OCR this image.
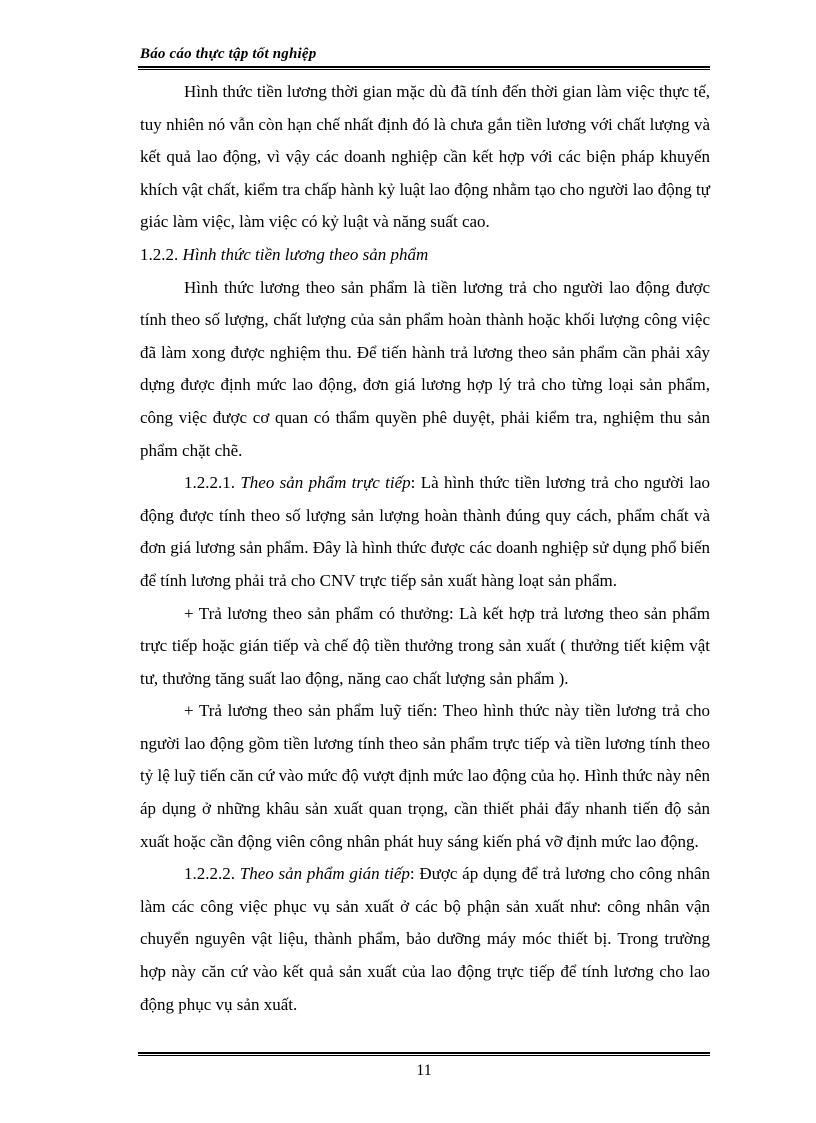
Báo cáo thực tập tốt nghiệp

Hình thức tiền lương thời gian mặc dù đã tính đến thời gian làm việc thực tế, tuy nhiên nó vẫn còn hạn chế nhất định đó là chưa gắn tiền lương với chất lượng và kết quả lao động, vì vậy các doanh nghiệp cần kết hợp với các biện pháp khuyến khích vật chất, kiểm tra chấp hành kỷ luật lao động nhằm tạo cho người lao động tự giác làm việc, làm việc có kỷ luật và năng suất cao.

1.2.2. Hình thức tiền lương theo sản phẩm

Hình thức lương theo sản phẩm là tiền lương trả cho người lao động được tính theo số lượng, chất lượng của sản phẩm hoàn thành hoặc khối lượng công việc đã làm xong được nghiệm thu. Để tiến hành trả lương theo sản phẩm cần phải xây dựng được định mức lao động, đơn giá lương hợp lý trả cho từng loại sản phẩm, công việc được cơ quan có thẩm quyền phê duyệt, phải kiểm tra, nghiệm thu sản phẩm chặt chẽ.

1.2.2.1. Theo sản phẩm trực tiếp: Là hình thức tiền lương trả cho người lao động được tính theo số lượng sản lượng hoàn thành đúng quy cách, phẩm chất và đơn giá lương sản phẩm. Đây là hình thức được các doanh nghiệp sử dụng phổ biến để tính lương phải trả cho CNV trực tiếp sản xuất hàng loạt sản phẩm.

+ Trả lương theo sản phẩm có thưởng: Là kết hợp trả lương theo sản phẩm trực tiếp hoặc gián tiếp và chế độ tiền thưởng trong sản xuất ( thưởng tiết kiệm vật tư, thưởng tăng suất lao động, năng cao chất lượng sản phẩm ).

+ Trả lương theo sản phẩm luỹ tiến: Theo hình thức này tiền lương trả cho người lao động gồm tiền lương tính theo sản phẩm trực tiếp và tiền lương tính theo tỷ lệ luỹ tiến căn cứ vào mức độ vượt định mức lao động của họ. Hình thức này nên áp dụng ở những khâu sản xuất quan trọng, cần thiết phải đẩy nhanh tiến độ sản xuất hoặc cần động viên công nhân phát huy sáng kiến phá vỡ định mức lao động.

1.2.2.2. Theo sản phẩm gián tiếp: Được áp dụng để trả lương cho công nhân làm các công việc phục vụ sản xuất ở các bộ phận sản xuất như: công nhân vận chuyển nguyên vật liệu, thành phẩm, bảo dưỡng máy móc thiết bị. Trong trường hợp này căn cứ vào kết quả sản xuất của lao động trực tiếp để tính lương cho lao động phục vụ sản xuất.

11
